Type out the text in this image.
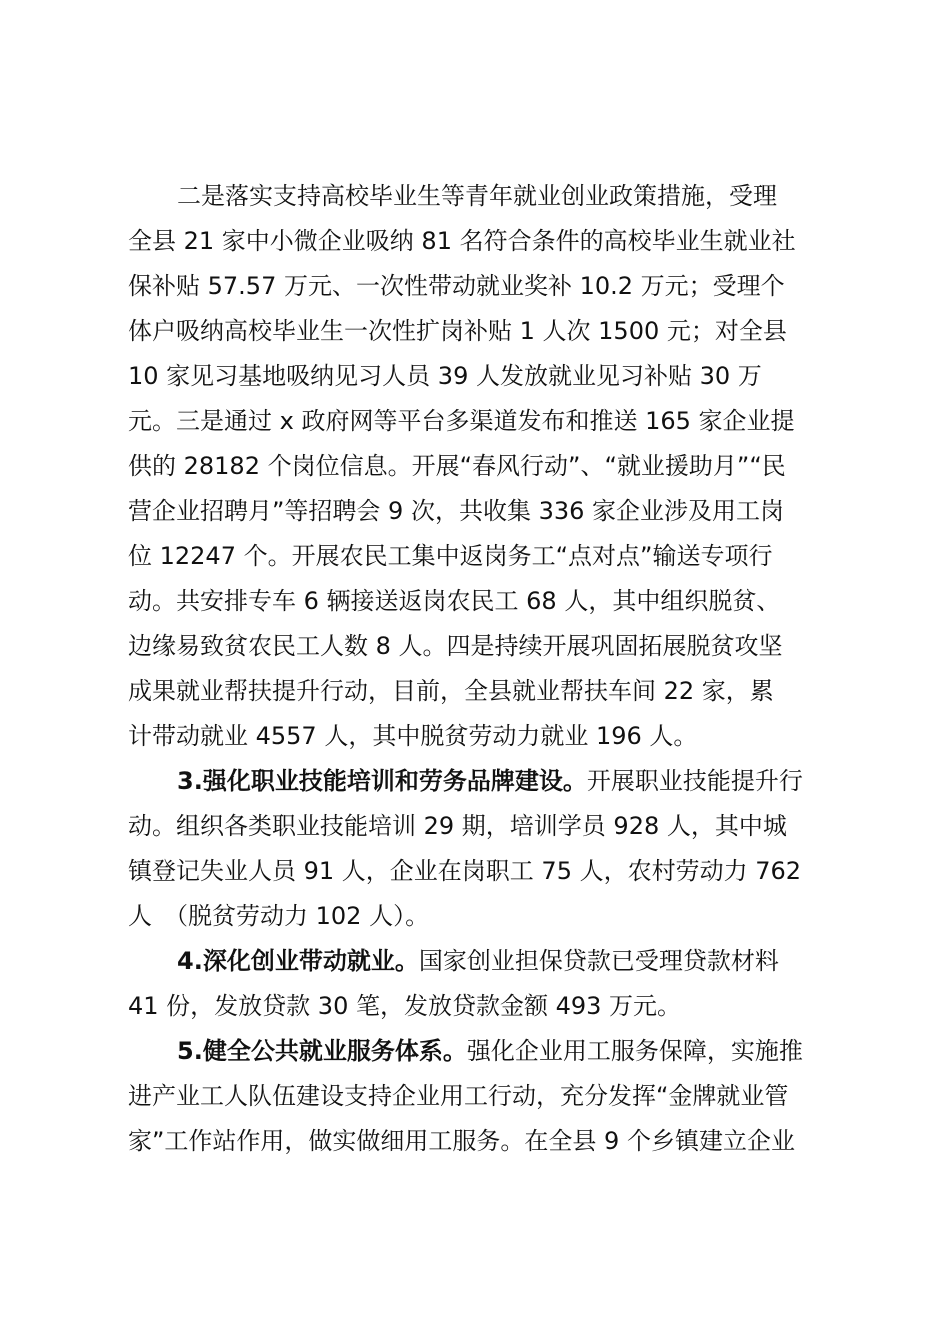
二是落实支持高校毕业生等青年就业创业政策措施，受理
全县 21 家中小微企业吸纳 81 名符合条件的高校毕业生就业社
保补贴 57.57 万元、一次性带动就业奖补 10.2 万元；受理个
体户吸纳高校毕业生一次性扩岗补贴 1 人次 1500 元；对全县
10 家见习基地吸纳见习人员 39 人发放就业见习补贴 30 万
元。三是通过 x 政府网等平台多渠道发布和推送 165 家企业提
供的 28182 个岗位信息。开展“春风行动”、“就业援助月”“民
营企业招聘月”等招聘会 9 次，共收集 336 家企业涉及用工岗
位 12247 个。开展农民工集中返岗务工“点对点”输送专项行
动。共安排专车 6 辆接送返岗农民工 68 人，其中组织脱贫、
边缘易致贫农民工人数 8 人。四是持续开展巩固拓展脱贫攻坚
成果就业帮扶提升行动，目前，全县就业帮扶车间 22 家，累
计带动就业 4557 人，其中脱贫劳动力就业 196 人。
3.强化职业技能培训和劳务品牌建设。开展职业技能提升行
动。组织各类职业技能培训 29 期，培训学员 928 人，其中城
镇登记失业人员 91 人，企业在岗职工 75 人，农村劳动力 762
人　（脱贫劳动力 102 人）。
4.深化创业带动就业。国家创业担保贷款已受理贷款材料
41 份，发放贷款 30 笔，发放贷款金额 493 万元。
5.健全公共就业服务体系。强化企业用工服务保障，实施推
进产业工人队伍建设支持企业用工行动，充分发挥“金牌就业管
家”工作站作用，做实做细用工服务。在全县 9 个乡镇建立企业
